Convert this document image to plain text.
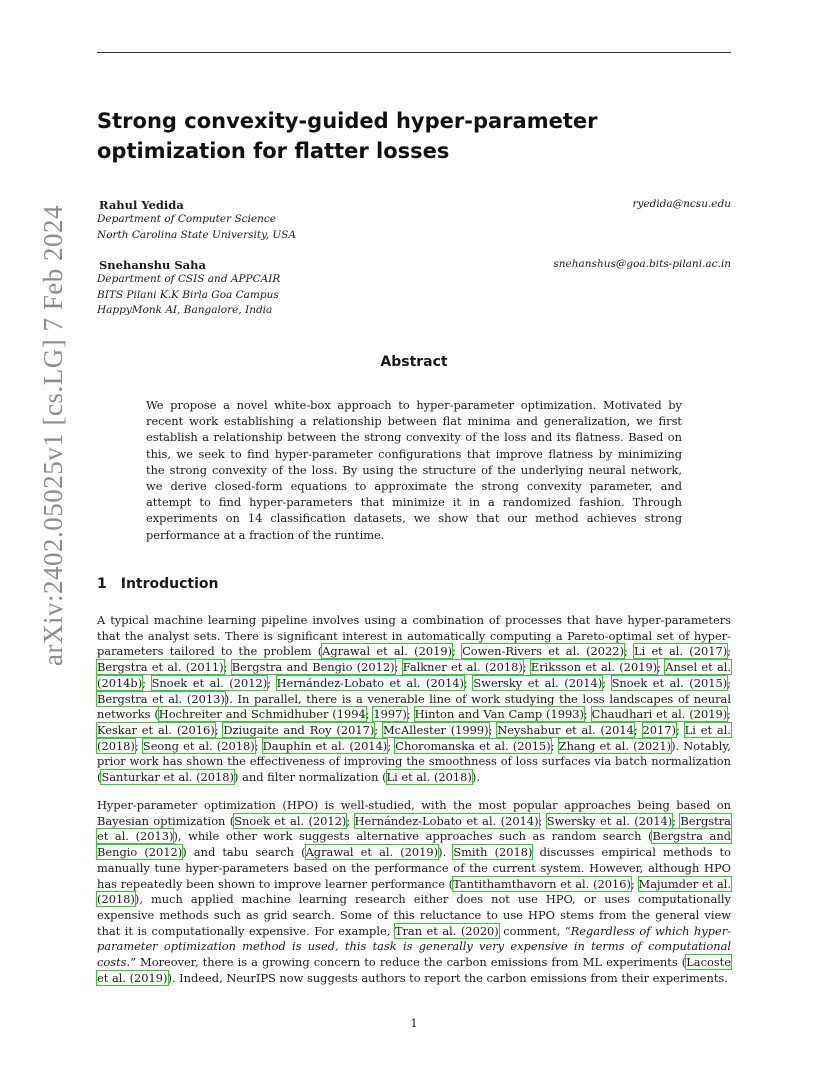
arXiv:2402.05025v1 [cs.LG] 7 Feb 2024
Strong convexity-guided hyper-parameter optimization for flatter losses
Rahul Yedida	ryedida@ncsu.edu
Department of Computer Science
North Carolina State University, USA
Snehanshu Saha	snehanshus@goa.bits-pilani.ac.in
Department of CSIS and APPCAIR
BITS Pilani K.K Birla Goa Campus
HappyMonk AI, Bangalore, India
Abstract

We propose a novel white-box approach to hyper-parameter optimization. Motivated by recent work establishing a relationship between flat minima and generalization, we first establish a relationship between the strong convexity of the loss and its flatness. Based on this, we seek to find hyper-parameter configurations that improve flatness by minimizing the strong convexity of the loss. By using the structure of the underlying neural network, we derive closed-form equations to approximate the strong convexity parameter, and attempt to find hyper-parameters that minimize it in a randomized fashion. Through experiments on 14 classification datasets, we show that our method achieves strong performance at a fraction of the runtime.

1 Introduction

A typical machine learning pipeline involves using a combination of processes that have hyper-parameters that the analyst sets. There is significant interest in automatically computing a Pareto-optimal set of hyper-parameters tailored to the problem (Agrawal et al. (2019); Cowen-Rivers et al. (2022); Li et al. (2017); Bergstra et al. (2011); Bergstra and Bengio (2012); Falkner et al. (2018); Eriksson et al. (2019); Ansel et al. (2014b); Snoek et al. (2012); Hernández-Lobato et al. (2014); Swersky et al. (2014); Snoek et al. (2015); Bergstra et al. (2013)). In parallel, there is a venerable line of work studying the loss landscapes of neural networks (Hochreiter and Schmidhuber (1994; 1997); Hinton and Van Camp (1993); Chaudhari et al. (2019); Keskar et al. (2016); Dziugaite and Roy (2017); McAllester (1999); Neyshabur et al. (2014; 2017); Li et al. (2018); Seong et al. (2018); Dauphin et al. (2014); Choromanska et al. (2015); Zhang et al. (2021)). Notably, prior work has shown the effectiveness of improving the smoothness of loss surfaces via batch normalization (Santurkar et al. (2018)) and filter normalization (Li et al. (2018)).

Hyper-parameter optimization (HPO) is well-studied, with the most popular approaches being based on Bayesian optimization (Snoek et al. (2012); Hernández-Lobato et al. (2014); Swersky et al. (2014); Bergstra et al. (2013)), while other work suggests alternative approaches such as random search (Bergstra and Bengio (2012)) and tabu search (Agrawal et al. (2019)). Smith (2018) discusses empirical methods to manually tune hyper-parameters based on the performance of the current system. However, although HPO has repeatedly been shown to improve learner performance (Tantithamthavorn et al. (2016); Majumder et al. (2018)), much applied machine learning research either does not use HPO, or uses computationally expensive methods such as grid search. Some of this reluctance to use HPO stems from the general view that it is computationally expensive. For example, Tran et al. (2020) comment, “Regardless of which hyper-parameter optimization method is used, this task is generally very expensive in terms of computational costs.” Moreover, there is a growing concern to reduce the carbon emissions from ML experiments (Lacoste et al. (2019)). Indeed, NeurIPS now suggests authors to report the carbon emissions from their experiments.

1
